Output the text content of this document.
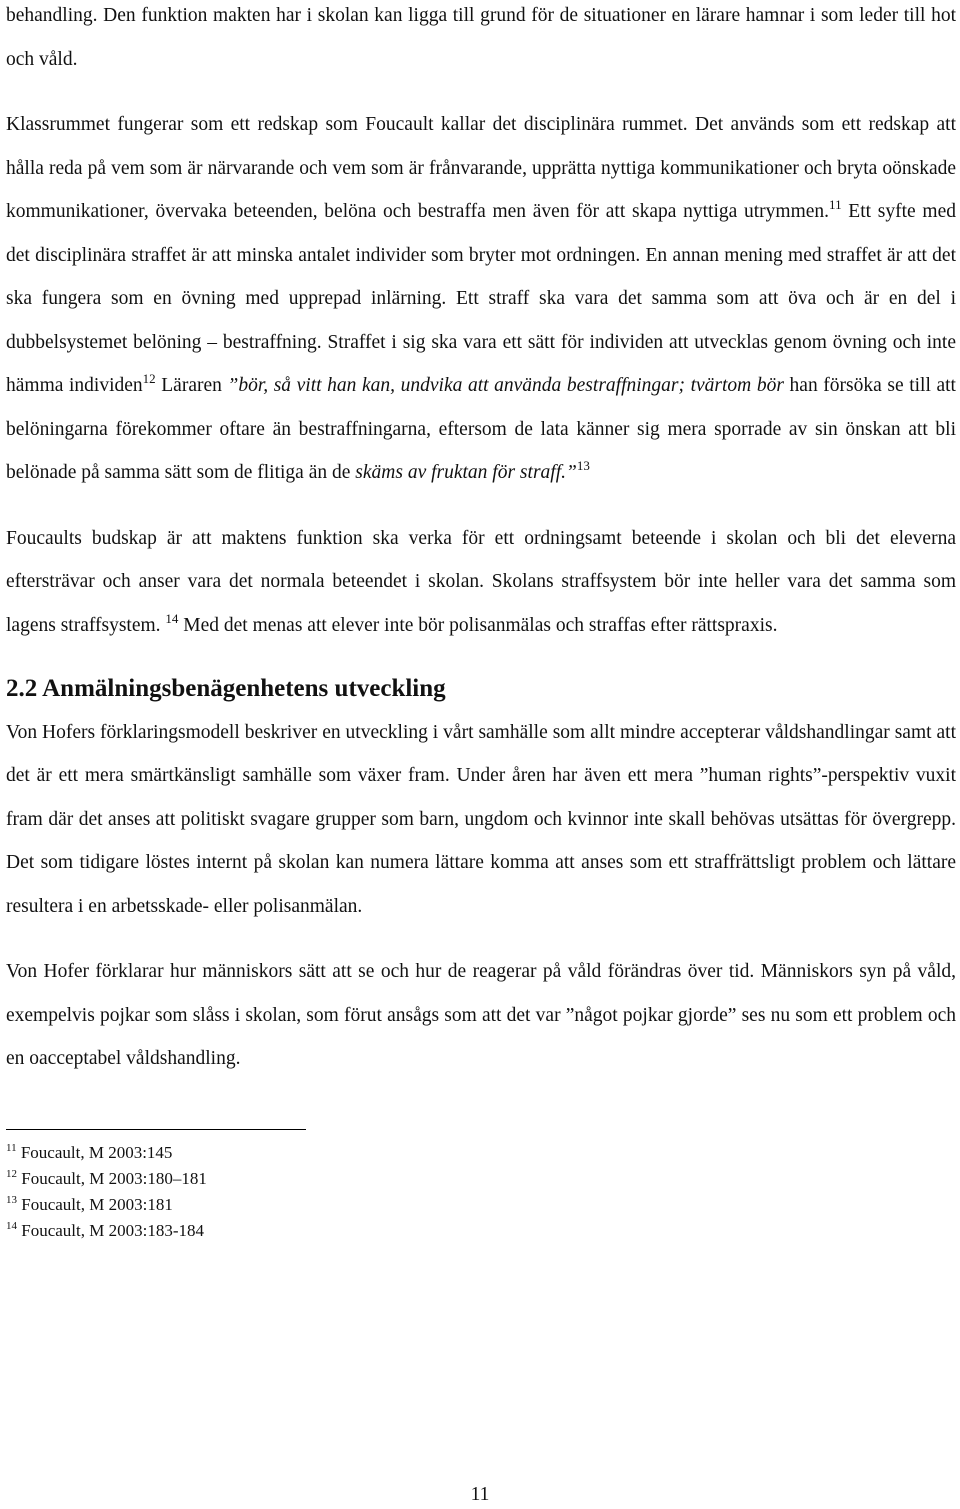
behandling. Den funktion makten har i skolan kan ligga till grund för de situationer en lärare hamnar i som leder till hot och våld.

Klassrummet fungerar som ett redskap som Foucault kallar det disciplinära rummet. Det används som ett redskap att hålla reda på vem som är närvarande och vem som är frånvarande, upprätta nyttiga kommunikationer och bryta oönskade kommunikationer, övervaka beteenden, belöna och bestraffa men även för att skapa nyttiga utrymmen.$^{11}$ Ett syfte med det disciplinära straffet är att minska antalet individer som bryter mot ordningen. En annan mening med straffet är att det ska fungera som en övning med upprepad inlärning. Ett straff ska vara det samma som att öva och är en del i dubbelsystemet belöning – bestraffning. Straffet i sig ska vara ett sätt för individen att utvecklas genom övning och inte hämma individen$^{12}$ Läraren ”bör, så vitt han kan, undvika att använda bestraffningar; tvärtom bör han försöka se till att belöningarna förekommer oftare än bestraffningarna, eftersom de lata känner sig mera sporrade av sin önskan att bli belönade på samma sätt som de flitiga än de skäms av fruktan för straff.”$^{13}$

Foucaults budskap är att maktens funktion ska verka för ett ordningsamt beteende i skolan och bli det eleverna eftersträvar och anser vara det normala beteendet i skolan. Skolans straffsystem bör inte heller vara det samma som lagens straffsystem. $^{14}$ Med det menas att elever inte bör polisanmälas och straffas efter rättspraxis.

2.2 Anmälningsbenägenhetens utveckling

Von Hofers förklaringsmodell beskriver en utveckling i vårt samhälle som allt mindre accepterar våldshandlingar samt att det är ett mera smärtkänsligt samhälle som växer fram. Under åren har även ett mera ”human rights”-perspektiv vuxit fram där det anses att politiskt svagare grupper som barn, ungdom och kvinnor inte skall behövas utsättas för övergrepp. Det som tidigare löstes internt på skolan kan numera lättare komma att anses som ett straffrättsligt problem och lättare resultera i en arbetsskade- eller polisanmälan.

Von Hofer förklarar hur människors sätt att se och hur de reagerar på våld förändras över tid. Människors syn på våld, exempelvis pojkar som slåss i skolan, som förut ansågs som att det var ”något pojkar gjorde” ses nu som ett problem och en oacceptabel våldshandling.

$^{11}$ Foucault, M 2003:145
$^{12}$ Foucault, M 2003:180–181
$^{13}$ Foucault, M 2003:181
$^{14}$ Foucault, M 2003:183-184
11
